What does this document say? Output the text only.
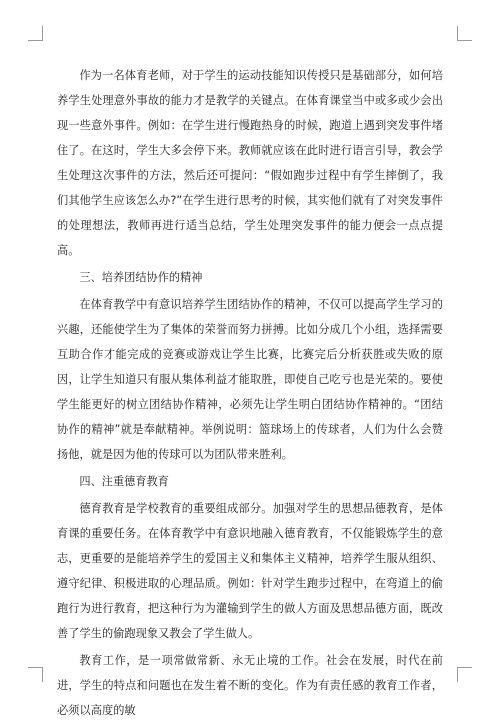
作为一名体育老师，对于学生的运动技能知识传授只是基础部分，如何培养学生处理意外事故的能力才是教学的关键点。在体育课堂当中或多或少会出现一些意外事件。例如：在学生进行慢跑热身的时候，跑道上遇到突发事件堵住了。在这时，学生大多会停下来。教师就应该在此时进行语言引导，教会学生处理这次事件的方法，然后还可提问：“假如跑步过程中有学生摔倒了，我们其他学生应该怎么办?”在学生进行思考的时候，其实他们就有了对突发事件的处理想法，教师再进行适当总结，学生处理突发事件的能力便会一点点提高。

三、培养团结协作的精神

在体育教学中有意识培养学生团结协作的精神，不仅可以提高学生学习的兴趣，还能使学生为了集体的荣誉而努力拼搏。比如分成几个小组，选择需要互助合作才能完成的竞赛或游戏让学生比赛，比赛完后分析获胜或失败的原因，让学生知道只有服从集体利益才能取胜，即使自己吃亏也是光荣的。要使学生能更好的树立团结协作精神，必须先让学生明白团结协作精神的。“团结协作的精神”就是奉献精神。举例说明：篮球场上的传球者，人们为什么会赞扬他，就是因为他的传球可以为团队带来胜利。

四、注重德育教育

德育教育是学校教育的重要组成部分。加强对学生的思想品德教育，是体育课的重要任务。在体育教学中有意识地融入德育教育，不仅能锻炼学生的意志，更重要的是能培养学生的爱国主义和集体主义精神，培养学生服从组织、遵守纪律、积极进取的心理品质。例如：针对学生跑步过程中，在弯道上的偷跑行为进行教育，把这种行为为灌输到学生的做人方面及思想品德方面，既改善了学生的偷跑现象又教会了学生做人。

教育工作，是一项常做常新、永无止境的工作。社会在发展，时代在前进，学生的特点和问题也在发生着不断的变化。作为有责任感的教育工作者，必须以高度的敏
